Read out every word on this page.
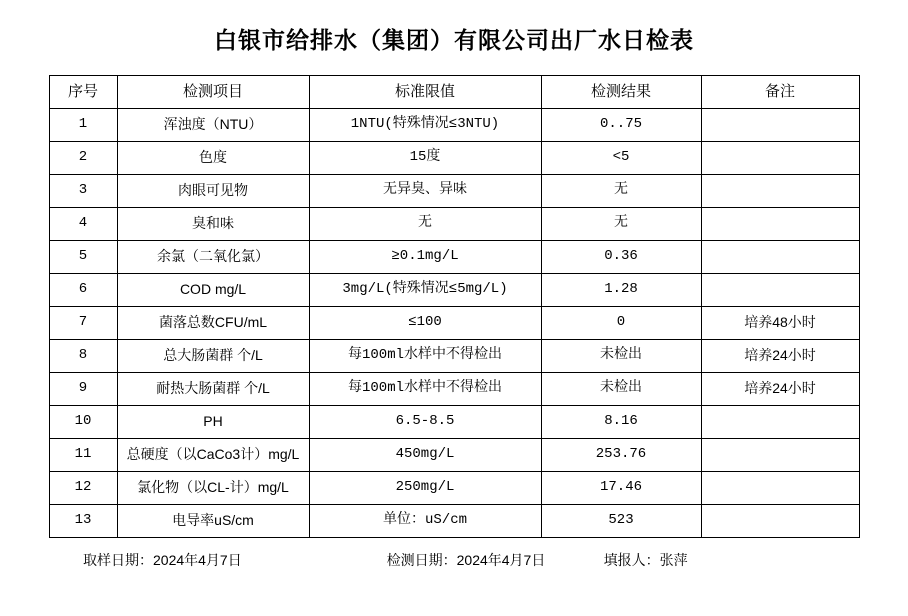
白银市给排水（集团）有限公司出厂水日检表
序号	检测项目	标准限值	检测结果	备注
1	浑浊度（NTU）	1NTU(特殊情况≤3NTU)	0..75	
2	色度	15度	<5	
3	肉眼可见物	无异臭、异味	无	
4	臭和味	无	无	
5	余氯（二氧化氯）	≥0.1mg/L	0.36	
6	COD mg/L	3mg/L(特殊情况≤5mg/L)	1.28	
7	菌落总数CFU/mL	≤100	0	培养48小时
8	总大肠菌群 个/L	每100ml水样中不得检出	未检出	培养24小时
9	耐热大肠菌群 个/L	每100ml水样中不得检出	未检出	培养24小时
10	PH	6.5-8.5	8.16	
11	总硬度（以CaCo3计）mg/L	450mg/L	253.76	
12	氯化物（以CL-计）mg/L	250mg/L	17.46	
13	电导率uS/cm	单位：uS/cm	523	
取样日期：2024年4月7日	检测日期：2024年4月7日	填报人：张萍
